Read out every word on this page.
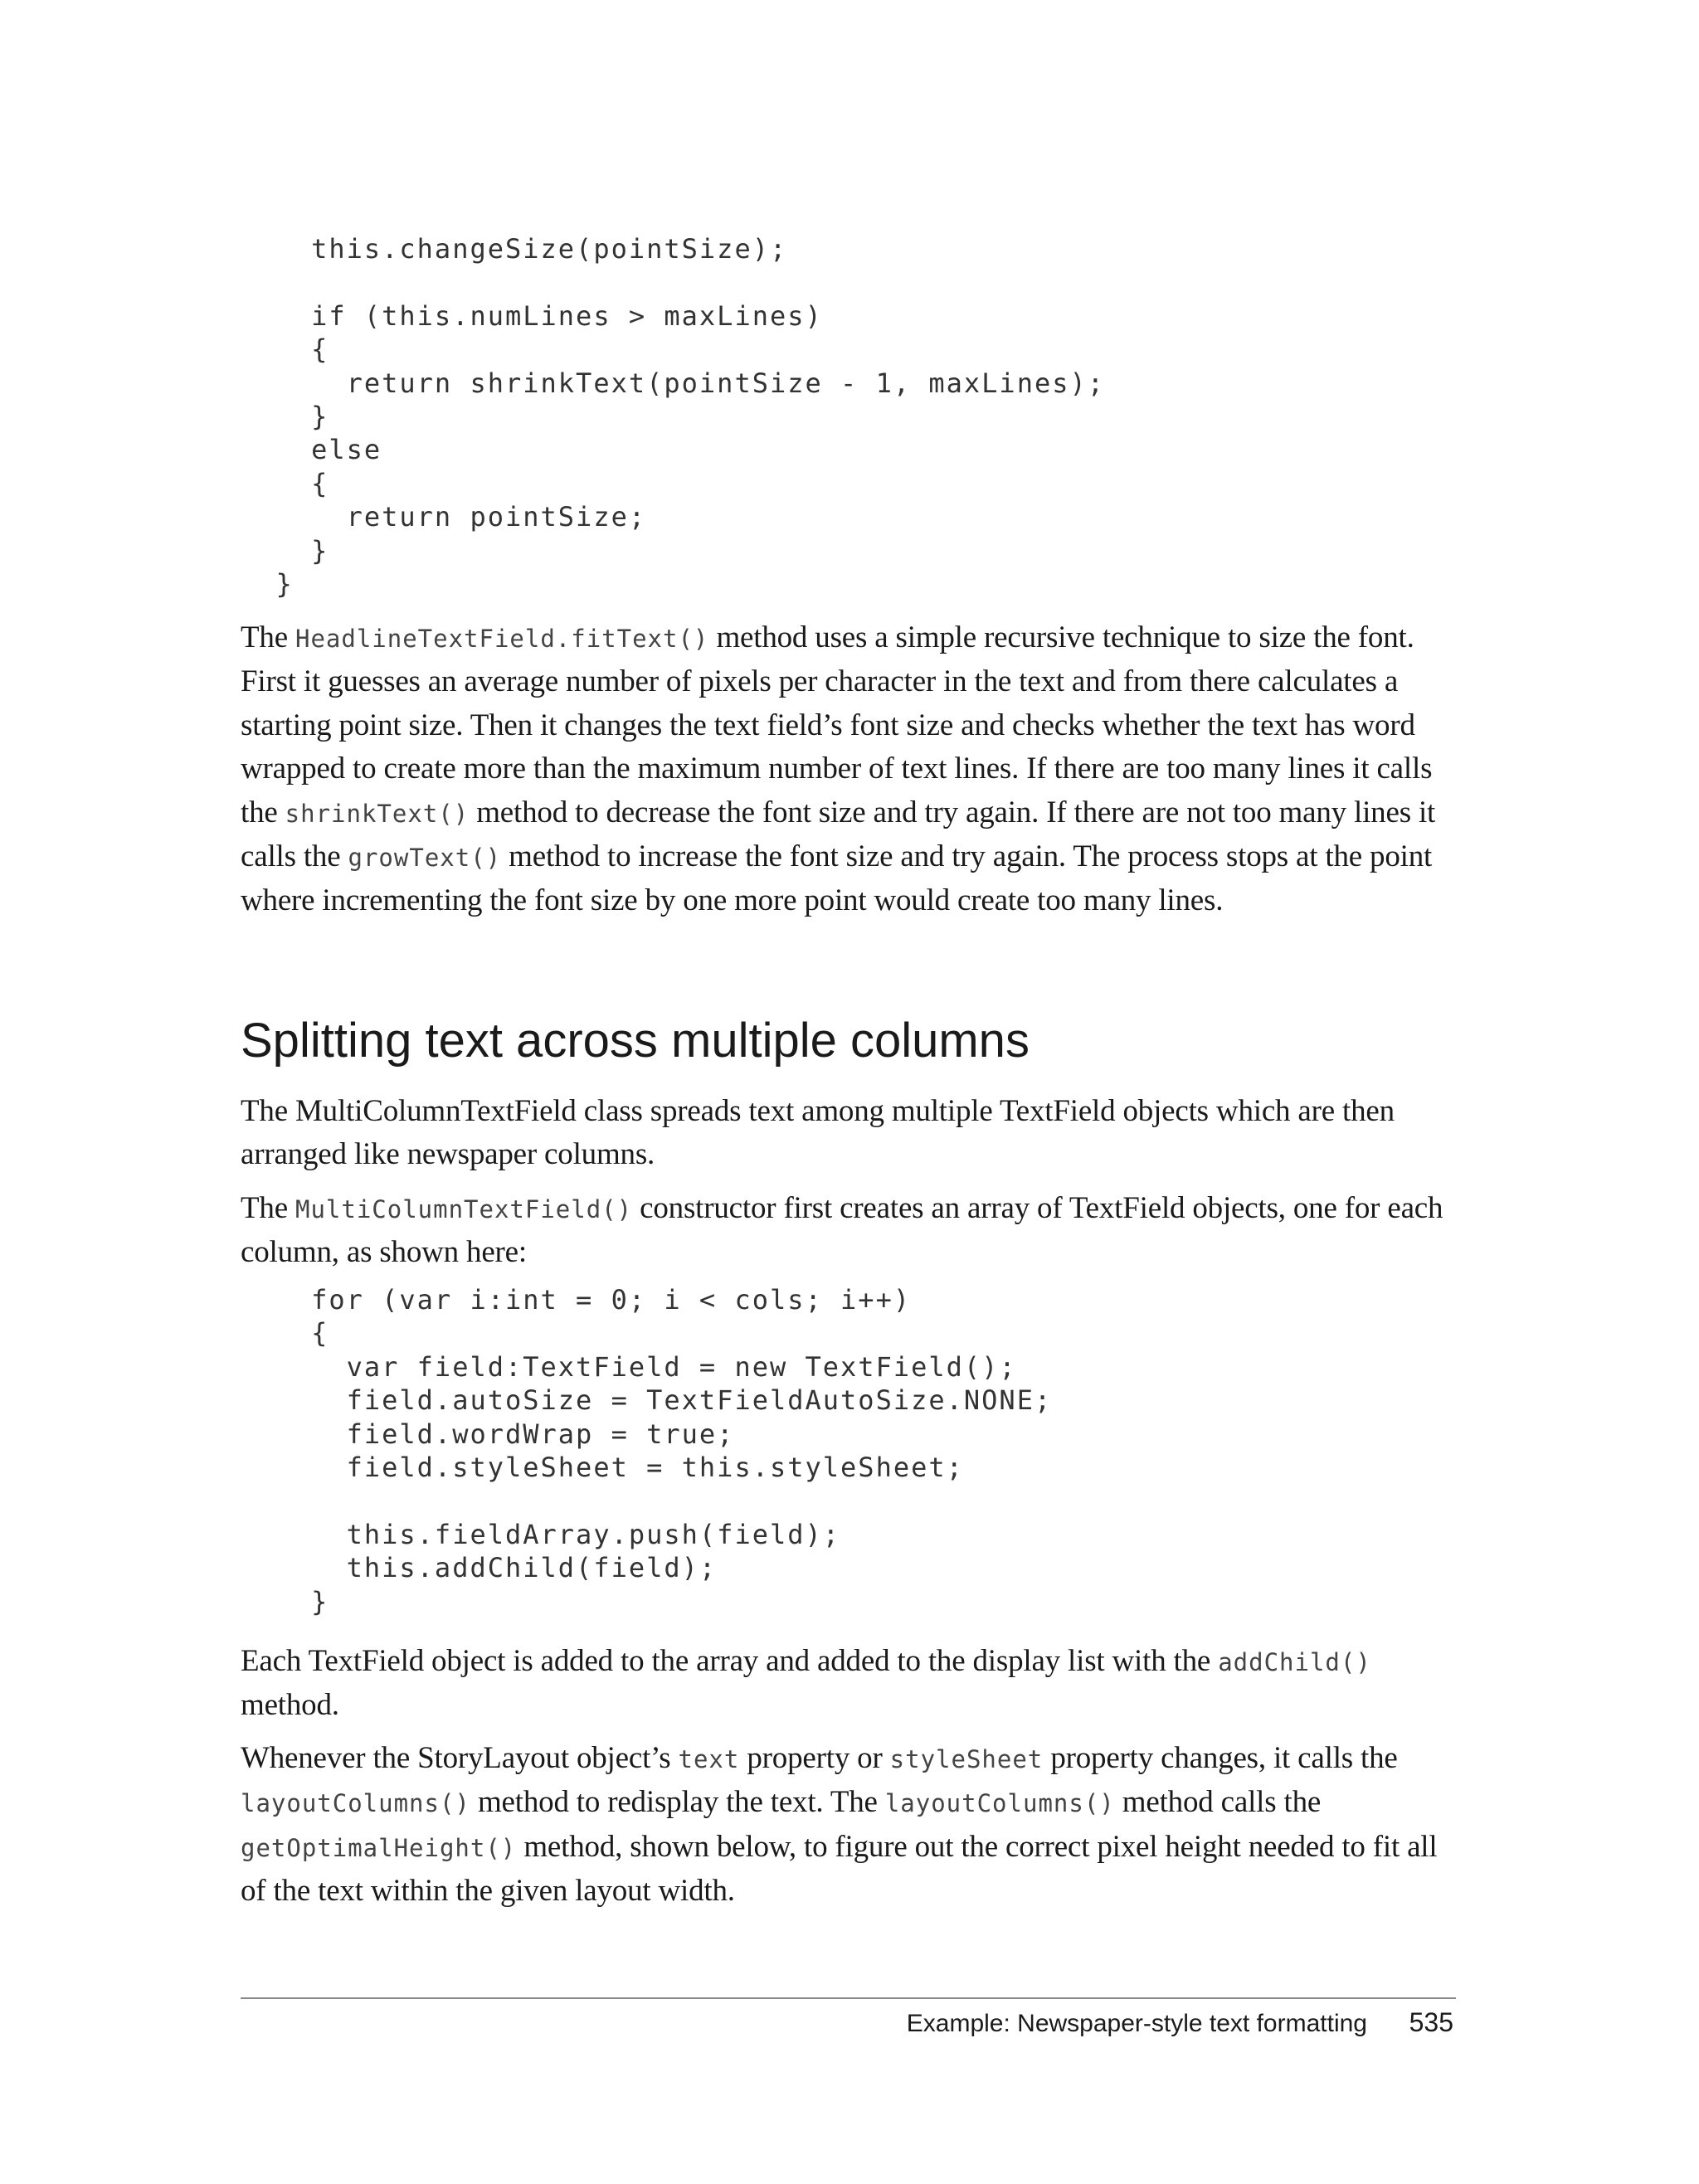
this.changeSize(pointSize);

if (this.numLines > maxLines)
{
return shrinkText(pointSize - 1, maxLines);
}
else
{
return pointSize;
}
}

The HeadlineTextField.fitText() method uses a simple recursive technique to size the font. First it guesses an average number of pixels per character in the text and from there calculates a starting point size. Then it changes the text field’s font size and checks whether the text has word wrapped to create more than the maximum number of text lines. If there are too many lines it calls the shrinkText() method to decrease the font size and try again. If there are not too many lines it calls the growText() method to increase the font size and try again. The process stops at the point where incrementing the font size by one more point would create too many lines.

Splitting text across multiple columns

The MultiColumnTextField class spreads text among multiple TextField objects which are then arranged like newspaper columns.

The MultiColumnTextField() constructor first creates an array of TextField objects, one for each column, as shown here:

for (var i:int = 0; i < cols; i++)
{
var field:TextField = new TextField();
field.autoSize = TextFieldAutoSize.NONE;
field.wordWrap = true;
field.styleSheet = this.styleSheet;

this.fieldArray.push(field);
this.addChild(field);
}

Each TextField object is added to the array and added to the display list with the addChild() method.

Whenever the StoryLayout object’s text property or styleSheet property changes, it calls the layoutColumns() method to redisplay the text. The layoutColumns() method calls the getOptimalHeight() method, shown below, to figure out the correct pixel height needed to fit all of the text within the given layout width.

Example: Newspaper-style text formatting 535
